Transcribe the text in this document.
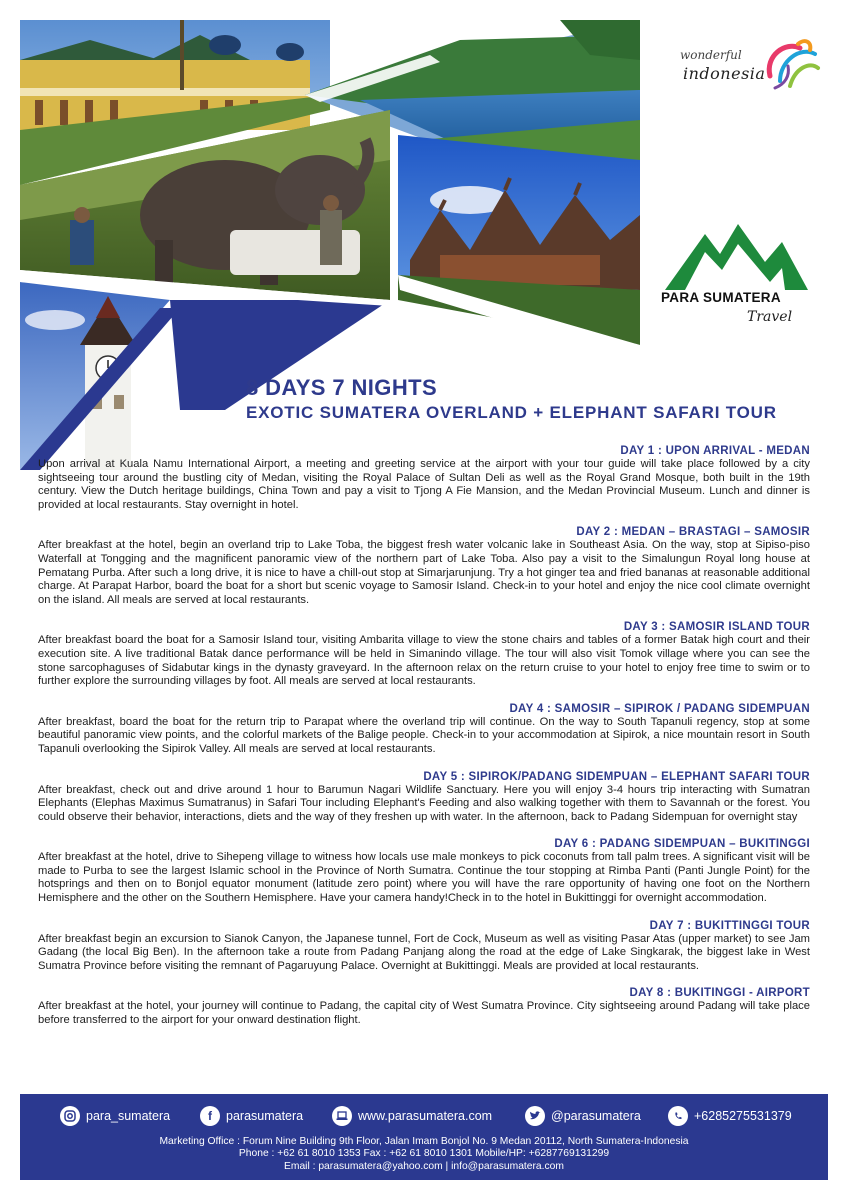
wonderful
indonesia
PARA SUMATERA
Travel
8 DAYS 7 NIGHTS
EXOTIC SUMATERA OVERLAND + ELEPHANT SAFARI TOUR
DAY 1 : UPON ARRIVAL - MEDAN
Upon arrival at Kuala Namu International Airport, a meeting and greeting service at the airport with your tour guide will take place followed by a city sightseeing tour around the bustling city of Medan, visiting the Royal Palace of Sultan Deli as well as the Royal Grand Mosque, both built in the 19th century. View the Dutch heritage buildings, China Town and pay a visit to Tjong A Fie Mansion, and the Medan Provincial Museum. Lunch and dinner is provided at local restaurants. Stay overnight in hotel.
DAY 2 : MEDAN – BRASTAGI – SAMOSIR
After breakfast at the hotel, begin an overland trip to Lake Toba, the biggest fresh water volcanic lake in Southeast Asia. On the way, stop at Sipiso-piso Waterfall at Tongging and the magnificent panoramic view of the northern part of Lake Toba. Also pay a visit to the Simalungun Royal long house at Pematang Purba. After such a long drive, it is nice to have a chill-out stop at Simarjarunjung. Try a hot ginger tea and fried bananas at reasonable additional charge. At Parapat Harbor, board the boat for a short but scenic voyage to Samosir Island. Check-in to your hotel and enjoy the nice cool climate overnight on the island. All meals are served at local restaurants.
DAY 3 : SAMOSIR ISLAND TOUR
After breakfast board the boat for a Samosir Island tour, visiting Ambarita village to view the stone chairs and tables of a former Batak high court and their execution site. A live traditional Batak dance performance will be held in Simanindo village. The tour will also visit Tomok village where you can see the stone sarcophaguses of Sidabutar kings in the dynasty graveyard. In the afternoon relax on the return cruise to your hotel to enjoy free time to swim or to further explore the surrounding villages by foot. All meals are served at local restaurants.
DAY 4 : SAMOSIR – SIPIROK / PADANG SIDEMPUAN
After breakfast, board the boat for the return trip to Parapat where the overland trip will continue. On the way to South Tapanuli regency, stop at some beautiful panoramic view points, and the colorful markets of the Balige people. Check-in to your accommodation at Sipirok, a nice mountain resort in South Tapanuli overlooking the Sipirok Valley. All meals are served at local restaurants.
DAY 5 : SIPIROK/PADANG SIDEMPUAN – ELEPHANT SAFARI TOUR
After breakfast, check out and drive around 1 hour to Barumun Nagari Wildlife Sanctuary. Here you will enjoy 3-4 hours trip interacting with Sumatran Elephants (Elephas Maximus Sumatranus) in Safari Tour including Elephant's Feeding and also walking together with them to Savannah or the forest. You could observe their behavior, interactions, diets and the way of they freshen up with water. In the afternoon, back to Padang Sidempuan for overnight stay
DAY 6 : PADANG SIDEMPUAN – BUKITINGGI
After breakfast at the hotel, drive to Sihepeng village to witness how locals use male monkeys to pick coconuts from tall palm trees. A significant visit will be made to Purba to see the largest Islamic school in the Province of North Sumatra. Continue the tour stopping at Rimba Panti (Panti Jungle Point) for the hotsprings and then on to Bonjol equator monument (latitude zero point) where you will have the rare opportunity of having one foot on the Northern Hemisphere and the other on the Southern Hemisphere. Have your camera handy!Check in to the hotel in Bukittinggi for overnight accommodation.
DAY 7 : BUKITTINGGI TOUR
After breakfast begin an excursion to Sianok Canyon, the Japanese tunnel, Fort de Cock, Museum as well as visiting Pasar Atas (upper market) to see Jam Gadang (the local Big Ben). In the afternoon take a route from Padang Panjang along the road at the edge of Lake Singkarak, the biggest lake in West Sumatra Province before visiting the remnant of Pagaruyung Palace. Overnight at Bukittinggi. Meals are provided at local restaurants.
DAY 8 : BUKITINGGI - AIRPORT
After breakfast at the hotel, your journey will continue to Padang, the capital city of West Sumatra Province. City sightseeing around Padang will take place before transferred to the airport for your onward destination flight.
para_sumatera	f	parasumatera	www.parasumatera.com	@parasumatera	+6285275531379
Marketing Office : Forum Nine Building 9th Floor, Jalan Imam Bonjol No. 9 Medan 20112, North Sumatera-Indonesia
Phone : +62 61 8010 1353 Fax : +62 61 8010 1301 Mobile/HP: +6287769131299
Email : parasumatera@yahoo.com | info@parasumatera.com
